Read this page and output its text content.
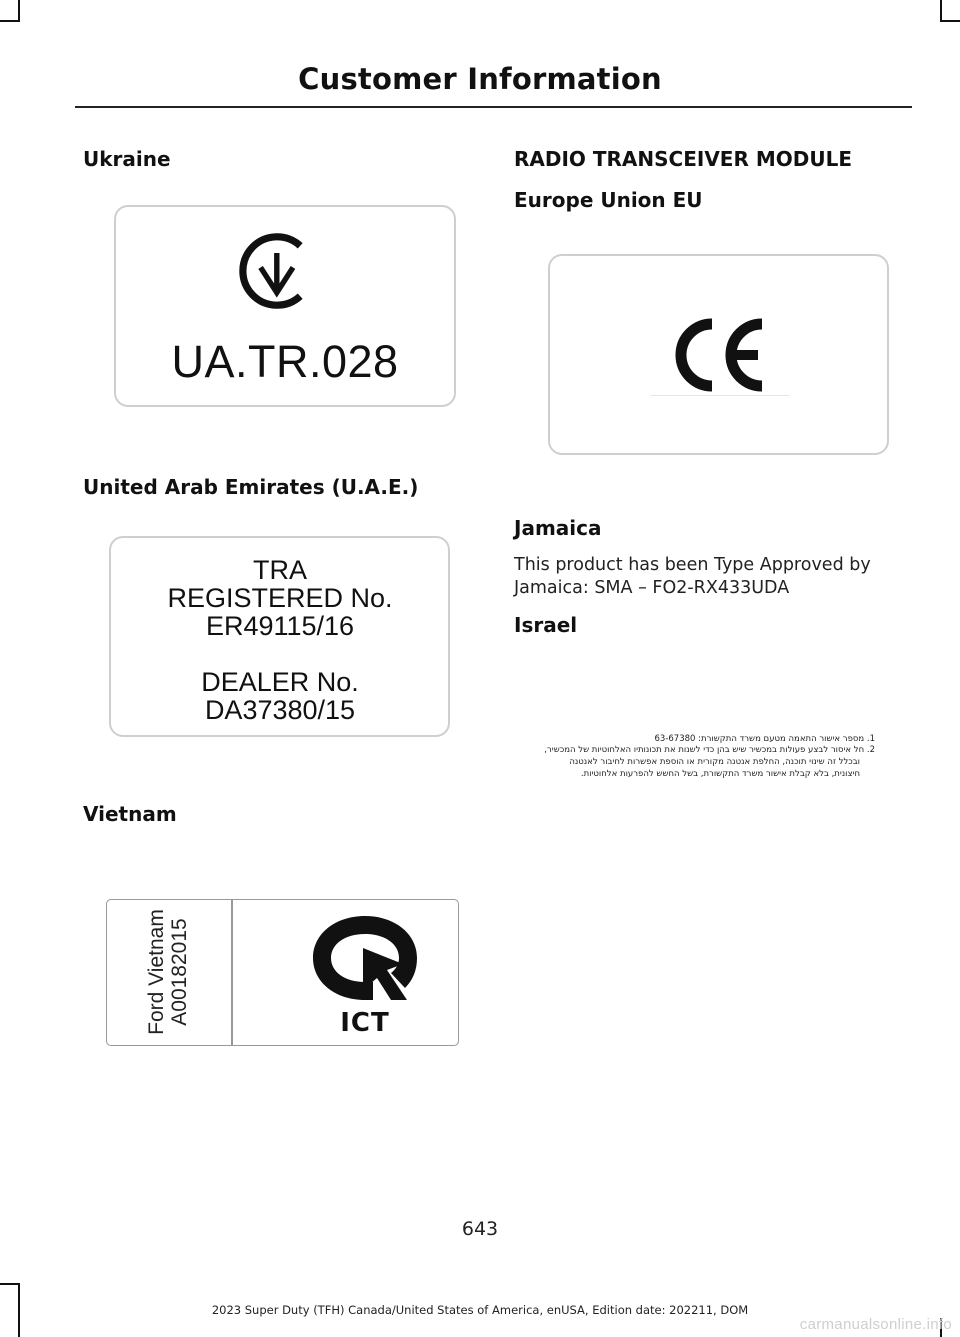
Customer Information
Ukraine
UA.TR.028
United Arab Emirates (U.A.E.)
TRA
REGISTERED No.
ER49115/16
DEALER No.
DA37380/15
Vietnam
Ford Vietnam A00182015	ICT
RADIO TRANSCEIVER MODULE
Europe Union EU
Jamaica
This product has been Type Approved by Jamaica: SMA – FO2-RX433UDA
Israel
1. מספר אישור התאמה מטעם משרד התקשורת: 63-67380
2. חל איסור לבצע פעולות במכשיר שיש בהן כדי לשנות את תכונותיו האלחוטיות של המכשיר,
ובכלל זה שינוי תוכנה, החלפת אנטנה מקורית או הוספת אפשרות לחיבור לאנטנה
חיצונית, בלא קבלת אישור משרד התקשורת, בשל החשש להפרעות אלחוטיות.
643
2023 Super Duty (TFH) Canada/United States of America, enUSA, Edition date: 202211, DOM
carmanualsonline.info
